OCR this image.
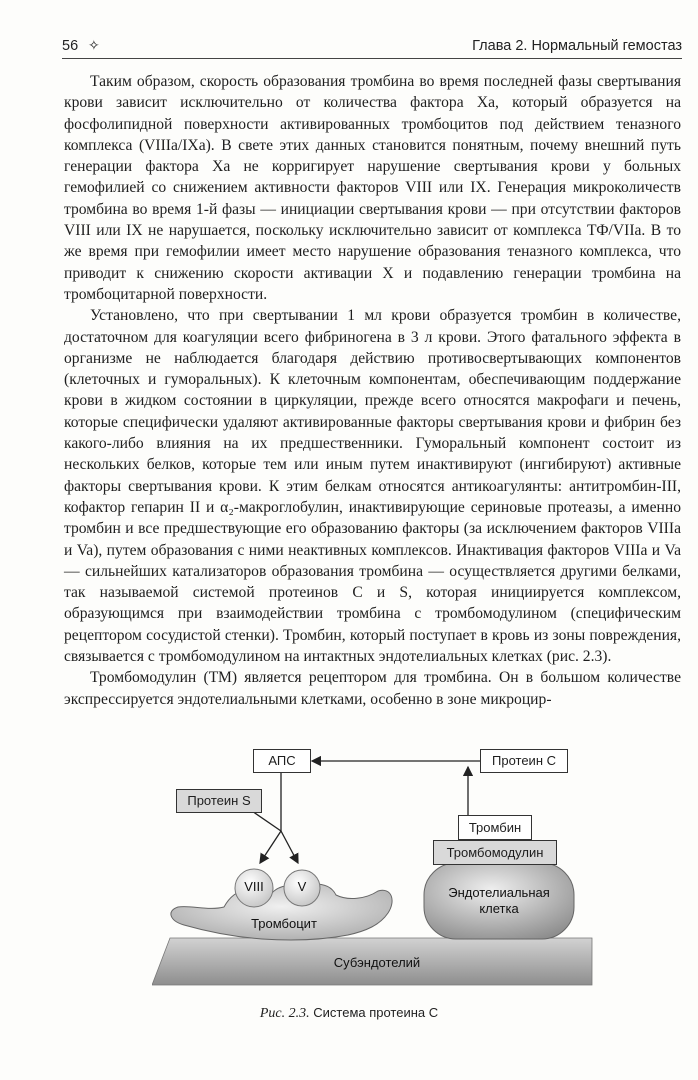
56 ✧	Глава 2. Нормальный гемостаз

Таким образом, скорость образования тромбина во время последней фазы свертывания крови зависит исключительно от количества фактора Xa, который образуется на фосфолипидной поверхности активированных тромбоцитов под действием теназного комплекса (VIIIa/IXa). В свете этих данных становится понятным, почему внешний путь генерации фактора Xa не корригирует нарушение свертывания крови у больных гемофилией со снижением активности факторов VIII или IX. Генерация микроколичеств тромбина во время 1-й фазы — инициации свертывания крови — при отсутствии факторов VIII или IX не нарушается, поскольку исключительно зависит от комплекса ТФ/VIIa. В то же время при гемофилии имеет место нарушение образования теназного комплекса, что приводит к снижению скорости активации X и подавлению генерации тромбина на тромбоцитарной поверхности.

Установлено, что при свертывании 1 мл крови образуется тромбин в количестве, достаточном для коагуляции всего фибриногена в 3 л крови. Этого фатального эффекта в организме не наблюдается благодаря действию противосвертывающих компонентов (клеточных и гуморальных). К клеточным компонентам, обеспечивающим поддержание крови в жидком состоянии в циркуляции, прежде всего относятся макрофаги и печень, которые специфически удаляют активированные факторы свертывания крови и фибрин без какого-либо влияния на их предшественники. Гуморальный компонент состоит из нескольких белков, которые тем или иным путем инактивируют (ингибируют) активные факторы свертывания крови. К этим белкам относятся антикоагулянты: антитромбин-III, кофактор гепарин II и α₂-макроглобулин, инактивирующие сериновые протеазы, а именно тромбин и все предшествующие его образованию факторы (за исключением факторов VIIIa и Va), путем образования с ними неактивных комплексов. Инактивация факторов VIIIa и Va — сильнейших катализаторов образования тромбина — осуществляется другими белками, так называемой системой протеинов С и S, которая инициируется комплексом, образующимся при взаимодействии тромбина с тромбомодулином (специфическим рецептором сосудистой стенки). Тромбин, который поступает в кровь из зоны повреждения, связывается с тромбомодулином на интактных эндотелиальных клетках (рис. 2.3).

Тромбомодулин (ТМ) является рецептором для тромбина. Он в большом количестве экспрессируется эндотелиальными клетками, особенно в зоне микроцир-

АПС	Протеин С
Протеин S
Тромбин
Тромбомодулин
VIII	V
Тромбоцит
Эндотелиальная клетка
Субэндотелий
Рис. 2.3. Система протеина С
